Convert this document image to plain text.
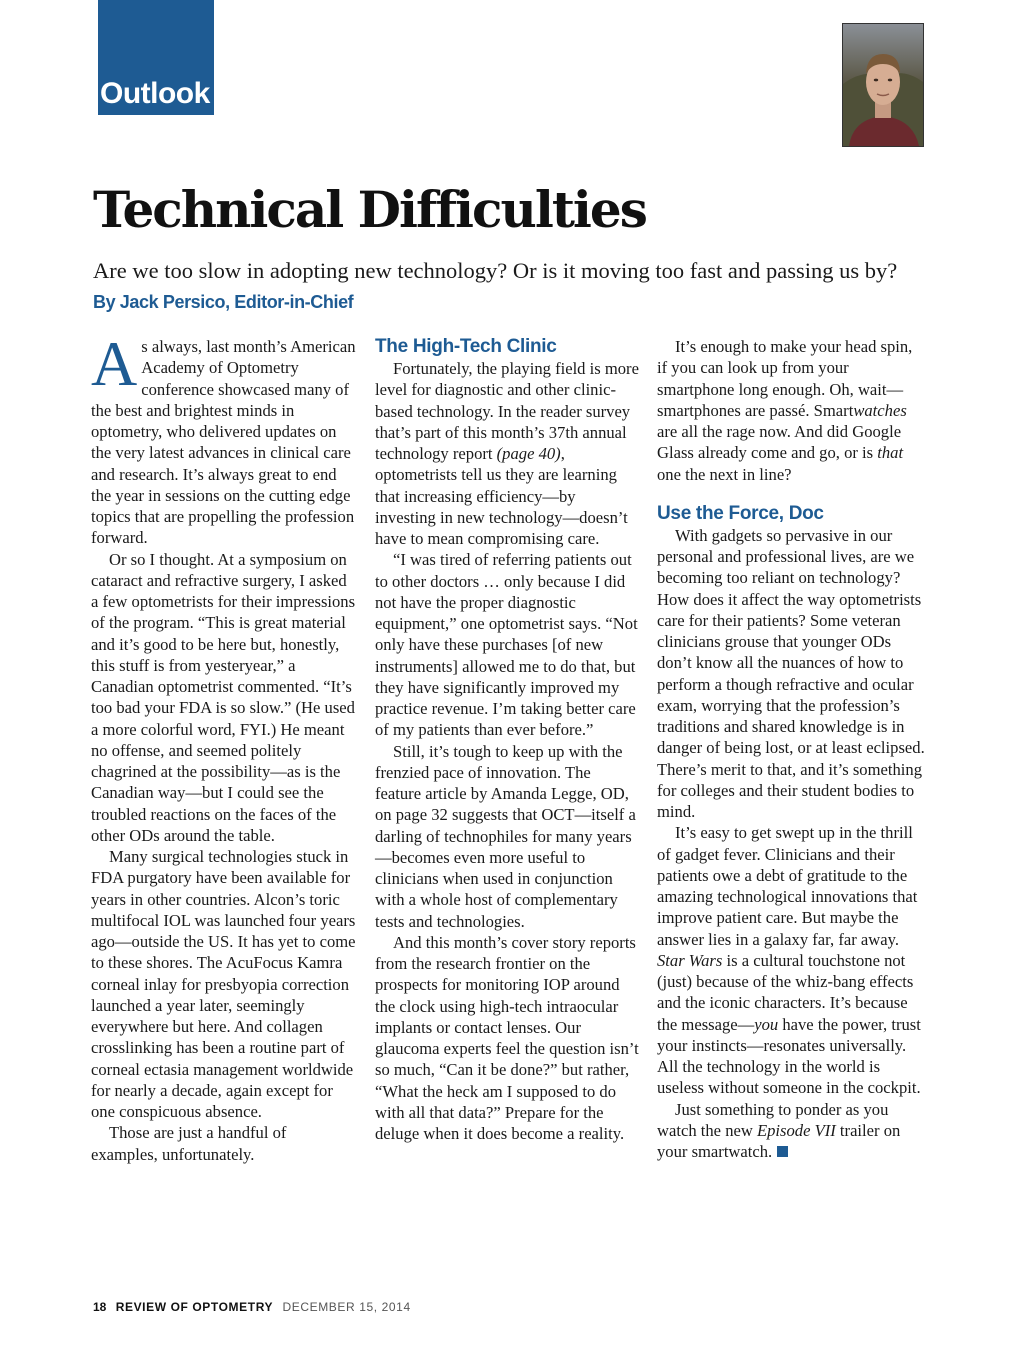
Outlook
Technical Difficulties

Are we too slow in adopting new technology? Or is it moving too fast and passing us by?

By Jack Persico, Editor-in-Chief

As always, last month’s American Academy of Optometry conference showcased many of the best and brightest minds in optometry, who delivered updates on the very latest advances in clinical care and research. It’s always great to end the year in sessions on the cutting edge topics that are propelling the profession forward.

Or so I thought. At a symposium on cataract and refractive surgery, I asked a few optometrists for their impressions of the program. “This is great material and it’s good to be here but, honestly, this stuff is from yesteryear,” a Canadian optometrist commented. “It’s too bad your FDA is so slow.” (He used a more colorful word, FYI.) He meant no offense, and seemed politely chagrined at the possibility—as is the Canadian way—but I could see the troubled reactions on the faces of the other ODs around the table.

Many surgical technologies stuck in FDA purgatory have been available for years in other countries. Alcon’s toric multifocal IOL was launched four years ago—outside the US. It has yet to come to these shores. The AcuFocus Kamra corneal inlay for presbyopia correction launched a year later, seemingly everywhere but here. And collagen crosslinking has been a routine part of corneal ectasia management worldwide for nearly a decade, again except for one conspicuous absence.

Those are just a handful of examples, unfortunately.

The High-Tech Clinic

Fortunately, the playing field is more level for diagnostic and other clinic-based technology. In the reader survey that’s part of this month’s 37th annual technology report (page 40), optometrists tell us they are learning that increasing efficiency—by investing in new technology—doesn’t have to mean compromising care.

“I was tired of referring patients out to other doctors … only because I did not have the proper diagnostic equipment,” one optometrist says. “Not only have these purchases [of new instruments] allowed me to do that, but they have significantly improved my practice revenue. I’m taking better care of my patients than ever before.”

Still, it’s tough to keep up with the frenzied pace of innovation. The feature article by Amanda Legge, OD, on page 32 suggests that OCT—itself a darling of technophiles for many years—becomes even more useful to clinicians when used in conjunction with a whole host of complementary tests and technologies.

And this month’s cover story reports from the research frontier on the prospects for monitoring IOP around the clock using high-tech intraocular implants or contact lenses. Our glaucoma experts feel the question isn’t so much, “Can it be done?” but rather, “What the heck am I supposed to do with all that data?” Prepare for the deluge when it does become a reality.

It’s enough to make your head spin, if you can look up from your smartphone long enough. Oh, wait—smartphones are passé. Smartwatches are all the rage now. And did Google Glass already come and go, or is that one the next in line?

Use the Force, Doc

With gadgets so pervasive in our personal and professional lives, are we becoming too reliant on technology? How does it affect the way optometrists care for their patients? Some veteran clinicians grouse that younger ODs don’t know all the nuances of how to perform a though refractive and ocular exam, worrying that the profession’s traditions and shared knowledge is in danger of being lost, or at least eclipsed. There’s merit to that, and it’s something for colleges and their student bodies to mind.

It’s easy to get swept up in the thrill of gadget fever. Clinicians and their patients owe a debt of gratitude to the amazing technological innovations that improve patient care. But maybe the answer lies in a galaxy far, far away. Star Wars is a cultural touchstone not (just) because of the whiz-bang effects and the iconic characters. It’s because the message—you have the power, trust your instincts—resonates universally. All the technology in the world is useless without someone in the cockpit.

Just something to ponder as you watch the new Episode VII trailer on your smartwatch.

18 REVIEW OF OPTOMETRY DECEMBER 15, 2014
